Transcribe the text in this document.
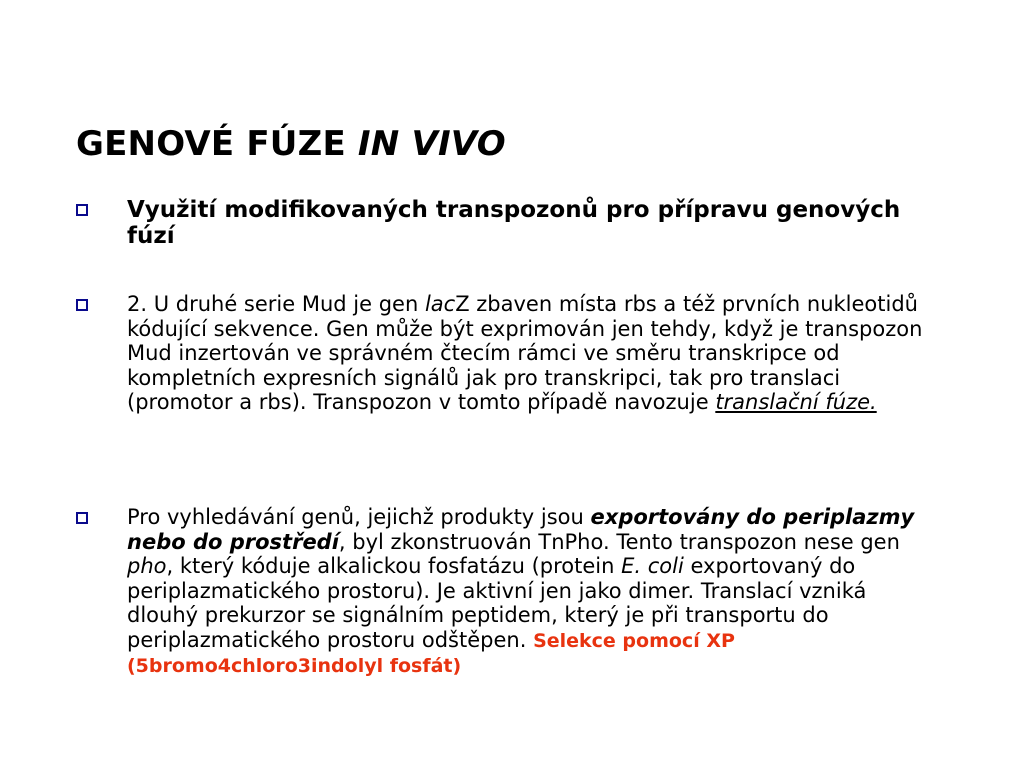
GENOVÉ FÚZE IN VIVO
Využití modifikovaných transpozonů pro přípravu genových fúzí
2. U druhé serie Mud je gen lacZ zbaven místa rbs a též prvních nukleotidů kódující sekvence. Gen může být exprimován jen tehdy, když je transpozon Mud inzertován ve správném čtecím rámci ve směru transkripce od kompletních expresních signálů jak pro transkripci, tak pro translaci (promotor a rbs). Transpozon v tomto případě navozuje translační fúze.
Pro vyhledávání genů, jejichž produkty jsou exportovány do periplazmy nebo do prostředí, byl zkonstruován TnPho. Tento transpozon nese gen pho, který kóduje alkalickou fosfatázu (protein E. coli exportovaný do periplazmatického prostoru). Je aktivní jen jako dimer. Translací vzniká dlouhý prekurzor se signálním peptidem, který je při transportu do periplazmatického prostoru odštěpen. Selekce pomocí XP (5bromo4chloro3indolyl fosfát)
